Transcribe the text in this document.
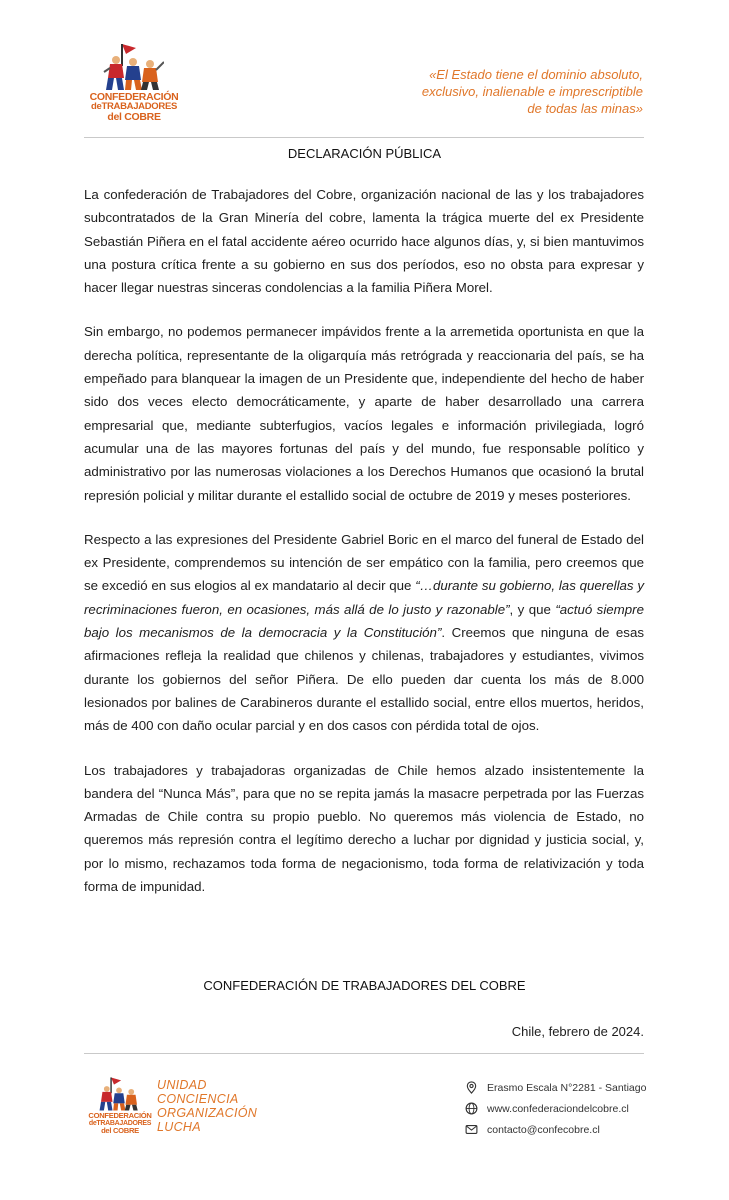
CONFEDERACIÓN
deTRABAJADORES
del COBRE
«El Estado tiene el dominio absoluto,
exclusivo, inalienable e imprescriptible
de todas las minas»
DECLARACIÓN PÚBLICA

La confederación de Trabajadores del Cobre, organización nacional de las y los trabajadores subcontratados de la Gran Minería del cobre, lamenta la trágica muerte del ex Presidente Sebastián Piñera en el fatal accidente aéreo ocurrido hace algunos días, y, si bien mantuvimos una postura crítica frente a su gobierno en sus dos períodos, eso no obsta para expresar y hacer llegar nuestras sinceras condolencias a la familia Piñera Morel.

Sin embargo, no podemos permanecer impávidos frente a la arremetida oportunista en que la derecha política, representante de la oligarquía más retrógrada y reaccionaria del país, se ha empeñado para blanquear la imagen de un Presidente que, independiente del hecho de haber sido dos veces electo democráticamente, y aparte de haber desarrollado una carrera empresarial que, mediante subterfugios, vacíos legales e información privilegiada, logró acumular una de las mayores fortunas del país y del mundo, fue responsable político y administrativo por las numerosas violaciones a los Derechos Humanos que ocasionó la brutal represión policial y militar durante el estallido social de octubre de 2019 y meses posteriores.

Respecto a las expresiones del Presidente Gabriel Boric en el marco del funeral de Estado del ex Presidente, comprendemos su intención de ser empático con la familia, pero creemos que se excedió en sus elogios al ex mandatario al decir que “…durante su gobierno, las querellas y recriminaciones fueron, en ocasiones, más allá de lo justo y razonable”, y que “actuó siempre bajo los mecanismos de la democracia y la Constitución”. Creemos que ninguna de esas afirmaciones refleja la realidad que chilenos y chilenas, trabajadores y estudiantes, vivimos durante los gobiernos del señor Piñera. De ello pueden dar cuenta los más de 8.000 lesionados por balines de Carabineros durante el estallido social, entre ellos muertos, heridos, más de 400 con daño ocular parcial y en dos casos con pérdida total de ojos.

Los trabajadores y trabajadoras organizadas de Chile hemos alzado insistentemente la bandera del “Nunca Más”, para que no se repita jamás la masacre perpetrada por las Fuerzas Armadas de Chile contra su propio pueblo. No queremos más violencia de Estado, no queremos más represión contra el legítimo derecho a luchar por dignidad y justicia social, y, por lo mismo, rechazamos toda forma de negacionismo, toda forma de relativización y toda forma de impunidad.

CONFEDERACIÓN DE TRABAJADORES DEL COBRE
Chile, febrero de 2024.
CONFEDERACIÓN
deTRABAJADORES
del COBRE
UNIDAD
CONCIENCIA
ORGANIZACIÓN
LUCHA
Erasmo Escala N°2281 - Santiago
www.confederaciondelcobre.cl
contacto@confecobre.cl
